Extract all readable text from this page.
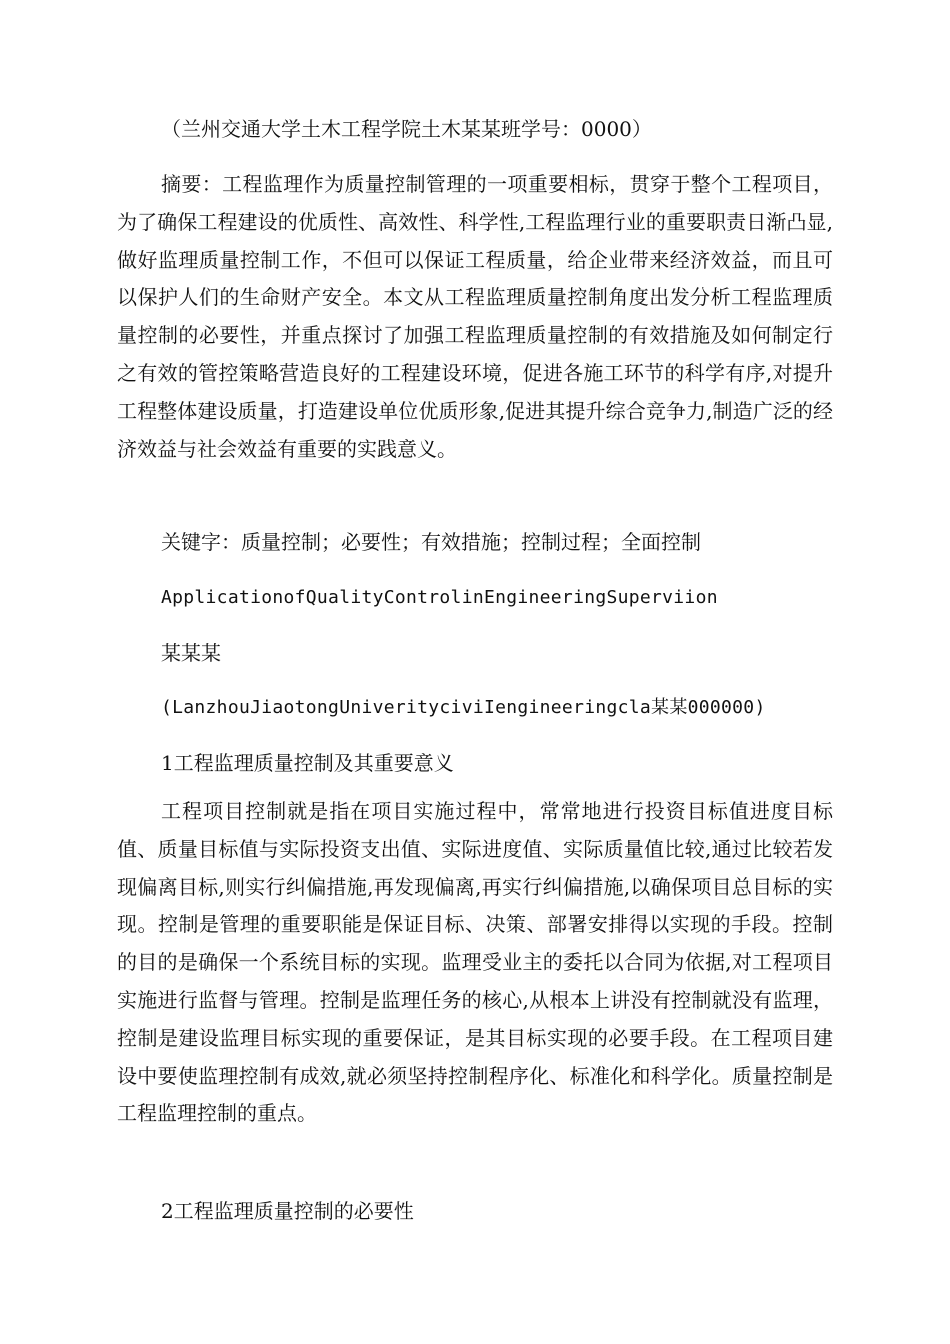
（兰州交通大学土木工程学院土木某某班学号：0000）

摘要：工程监理作为质量控制管理的一项重要相标，贯穿于整个工程项目，为了确保工程建设的优质性、高效性、科学性,工程监理行业的重要职责日渐凸显,做好监理质量控制工作，不但可以保证工程质量，给企业带来经济效益，而且可以保护人们的生命财产安全。本文从工程监理质量控制角度出发分析工程监理质量控制的必要性，并重点探讨了加强工程监理质量控制的有效措施及如何制定行之有效的管控策略营造良好的工程建设环境，促进各施工环节的科学有序,对提升工程整体建设质量，打造建设单位优质形象,促进其提升综合竞争力,制造广泛的经济效益与社会效益有重要的实践意义。

关键字：质量控制；必要性；有效措施；控制过程；全面控制

ApplicationofQualityControlinEngineeringSuperviion

某某某

(LanzhouJiaotongUniverityciviIengineeringcla某某000000)

1工程监理质量控制及其重要意义

工程项目控制就是指在项目实施过程中，常常地进行投资目标值进度目标值、质量目标值与实际投资支出值、实际进度值、实际质量值比较,通过比较若发现偏离目标,则实行纠偏措施,再发现偏离,再实行纠偏措施,以确保项目总目标的实现。控制是管理的重要职能是保证目标、决策、部署安排得以实现的手段。控制的目的是确保一个系统目标的实现。监理受业主的委托以合同为依据,对工程项目实施进行监督与管理。控制是监理任务的核心,从根本上讲没有控制就没有监理，控制是建设监理目标实现的重要保证，是其目标实现的必要手段。在工程项目建设中要使监理控制有成效,就必须坚持控制程序化、标准化和科学化。质量控制是工程监理控制的重点。

2工程监理质量控制的必要性
